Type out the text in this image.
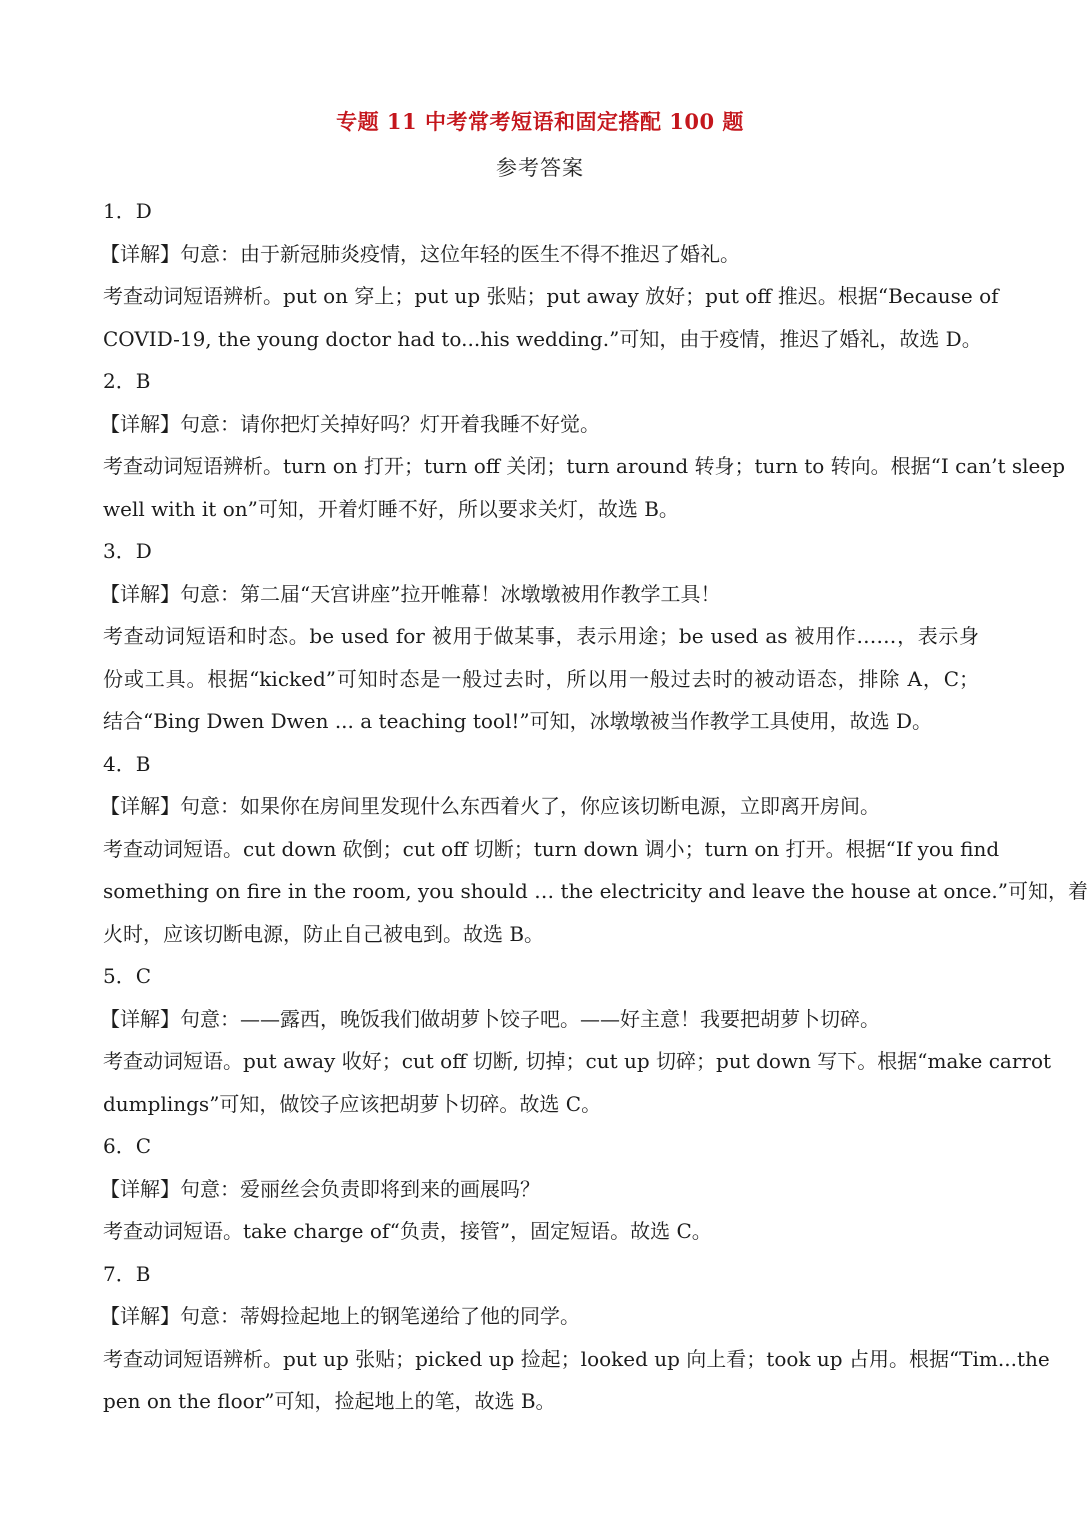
专题 11 中考常考短语和固定搭配 100 题
参考答案
1．D
【详解】句意：由于新冠肺炎疫情，这位年轻的医生不得不推迟了婚礼。
考查动词短语辨析。put on 穿上；put up 张贴；put away 放好；put off 推迟。根据“Because of
COVID-19, the young doctor had to...his wedding.”可知，由于疫情，推迟了婚礼，故选 D。
2．B
【详解】句意：请你把灯关掉好吗？灯开着我睡不好觉。
考查动词短语辨析。turn on 打开；turn off 关闭；turn around 转身；turn to 转向。根据“I can’t sleep
well with it on”可知，开着灯睡不好，所以要求关灯，故选 B。
3．D
【详解】句意：第二届“天宫讲座”拉开帷幕！冰墩墩被用作教学工具！
考查动词短语和时态。be used for 被用于做某事，表示用途；be used as 被用作……，表示身
份或工具。根据“kicked”可知时态是一般过去时，所以用一般过去时的被动语态，排除 A，C；
结合“Bing Dwen Dwen ... a teaching tool!”可知，冰墩墩被当作教学工具使用，故选 D。
4．B
【详解】句意：如果你在房间里发现什么东西着火了，你应该切断电源，立即离开房间。
考查动词短语。cut down 砍倒；cut off 切断；turn down 调小；turn on 打开。根据“If you find
something on fire in the room, you should … the electricity and leave the house at once.”可知，着
火时，应该切断电源，防止自己被电到。故选 B。
5．C
【详解】句意：——露西，晚饭我们做胡萝卜饺子吧。——好主意！我要把胡萝卜切碎。
考查动词短语。put away 收好；cut off 切断, 切掉；cut up 切碎；put down 写下。根据“make carrot
dumplings”可知，做饺子应该把胡萝卜切碎。故选 C。
6．C
【详解】句意：爱丽丝会负责即将到来的画展吗？
考查动词短语。take charge of“负责，接管”，固定短语。故选 C。
7．B
【详解】句意：蒂姆捡起地上的钢笔递给了他的同学。
考查动词短语辨析。put up 张贴；picked up 捡起；looked up 向上看；took up 占用。根据“Tim...the
pen on the floor”可知，捡起地上的笔，故选 B。
